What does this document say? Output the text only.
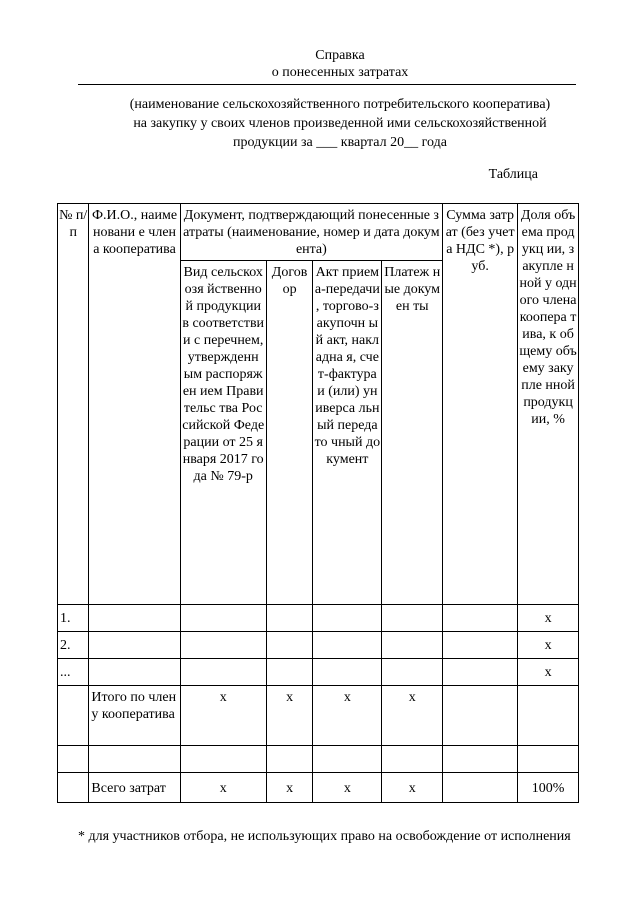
Справка
о понесенных затратах
(наименование сельскохозяйственного потребительского кооператива)
на закупку у своих членов произведенной ими сельскохозяйственной
продукции за ___ квартал 20__ года
Таблица
№ п/п	Ф.И.О., наименовани е члена кооператива	Документ, подтверждающий понесенные затраты (наименование, номер и дата документа)				Сумма затрат (без учета НДС *), руб.	Доля объема продукц ии, закупле нной у одного члена коопера тива, к общему объему закупле нной продукц ии, %
		Вид сельскохозя йственной продукции в соответстви и с перечнем, утвержденн ым распоряжен ием Правительс тва Российской Федерации от 25 января 2017 года № 79-р	Догов ор	Акт приема-передачи , торгово-закупочн ый акт, накладна я, счет-фактура и (или) универса льный передато чный документ	Платеж ные докумен ты		
1.							x
2.							x
...							x
	Итого по члену кооператива	x	x	x	x		

	Всего затрат	x	x	x	x		100%
* для участников отбора, не использующих право на освобождение от исполнения
